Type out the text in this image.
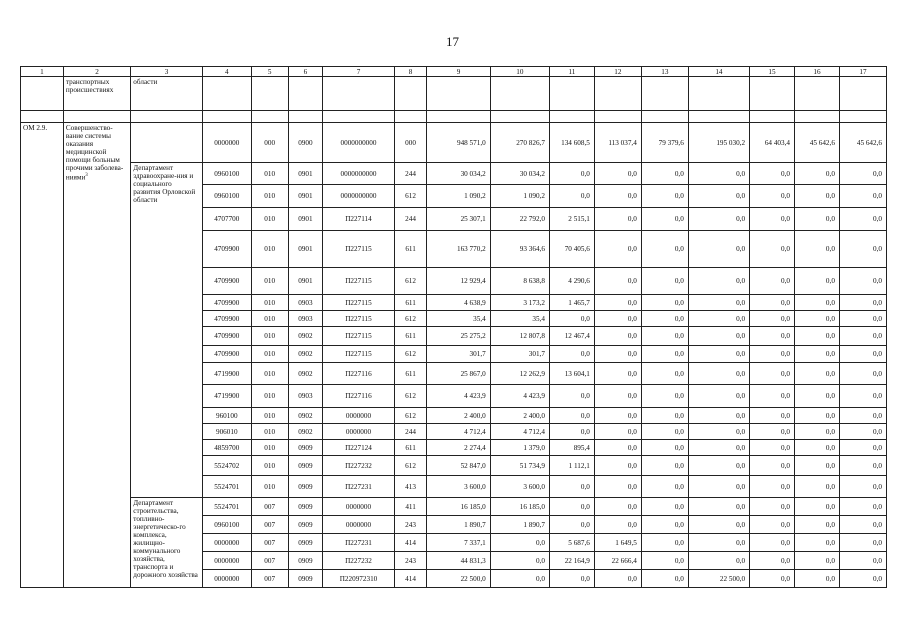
17
1	2	3	4	5	6	7	8	9	10	11	12	13	14	15	16	17
	транспортных происшествиях	области														

ОМ 2.9.	Совершенство-вание системы оказания медицинской помощи больным прочими заболева-ниями$^3$		0000000	000	0900	0000000000	000	948 571,0	270 826,7	134 608,5	113 037,4	79 379,6	195 030,2	64 403,4	45 642,6	45 642,6
		Департамент здравоохране-ния и социального развития Орловской области	0960100	010	0901	0000000000	244	30 034,2	30 034,2	0,0	0,0	0,0	0,0	0,0	0,0	0,0
			0960100	010	0901	0000000000	612	1 090,2	1 090,2	0,0	0,0	0,0	0,0	0,0	0,0	0,0
			4707700	010	0901	П227114	244	25 307,1	22 792,0	2 515,1	0,0	0,0	0,0	0,0	0,0	0,0
			4709900	010	0901	П227115	611	163 770,2	93 364,6	70 405,6	0,0	0,0	0,0	0,0	0,0	0,0
			4709900	010	0901	П227115	612	12 929,4	8 638,8	4 290,6	0,0	0,0	0,0	0,0	0,0	0,0
			4709900	010	0903	П227115	611	4 638,9	3 173,2	1 465,7	0,0	0,0	0,0	0,0	0,0	0,0
			4709900	010	0903	П227115	612	35,4	35,4	0,0	0,0	0,0	0,0	0,0	0,0	0,0
			4709900	010	0902	П227115	611	25 275,2	12 807,8	12 467,4	0,0	0,0	0,0	0,0	0,0	0,0
			4709900	010	0902	П227115	612	301,7	301,7	0,0	0,0	0,0	0,0	0,0	0,0	0,0
			4719900	010	0902	П227116	611	25 867,0	12 262,9	13 604,1	0,0	0,0	0,0	0,0	0,0	0,0
			4719900	010	0903	П227116	612	4 423,9	4 423,9	0,0	0,0	0,0	0,0	0,0	0,0	0,0
			960100	010	0902	0000000	612	2 400,0	2 400,0	0,0	0,0	0,0	0,0	0,0	0,0	0,0
			906010	010	0902	0000000	244	4 712,4	4 712,4	0,0	0,0	0,0	0,0	0,0	0,0	0,0
			4859700	010	0909	П227124	611	2 274,4	1 379,0	895,4	0,0	0,0	0,0	0,0	0,0	0,0
			5524702	010	0909	П227232	612	52 847,0	51 734,9	1 112,1	0,0	0,0	0,0	0,0	0,0	0,0
			5524701	010	0909	П227231	413	3 600,0	3 600,0	0,0	0,0	0,0	0,0	0,0	0,0	0,0
		Департамент строительства, топливно-энергетическо-го комплекса, жилищно-коммунального хозяйства, транспорта и дорожного хозяйства	5524701	007	0909	0000000	411	16 185,0	16 185,0	0,0	0,0	0,0	0,0	0,0	0,0	0,0
			0960100	007	0909	0000000	243	1 890,7	1 890,7	0,0	0,0	0,0	0,0	0,0	0,0	0,0
			0000000	007	0909	П227231	414	7 337,1	0,0	5 687,6	1 649,5	0,0	0,0	0,0	0,0	0,0
			0000000	007	0909	П227232	243	44 831,3	0,0	22 164,9	22 666,4	0,0	0,0	0,0	0,0	0,0
			0000000	007	0909	П220972310	414	22 500,0	0,0	0,0	0,0	0,0	22 500,0	0,0	0,0	0,0
